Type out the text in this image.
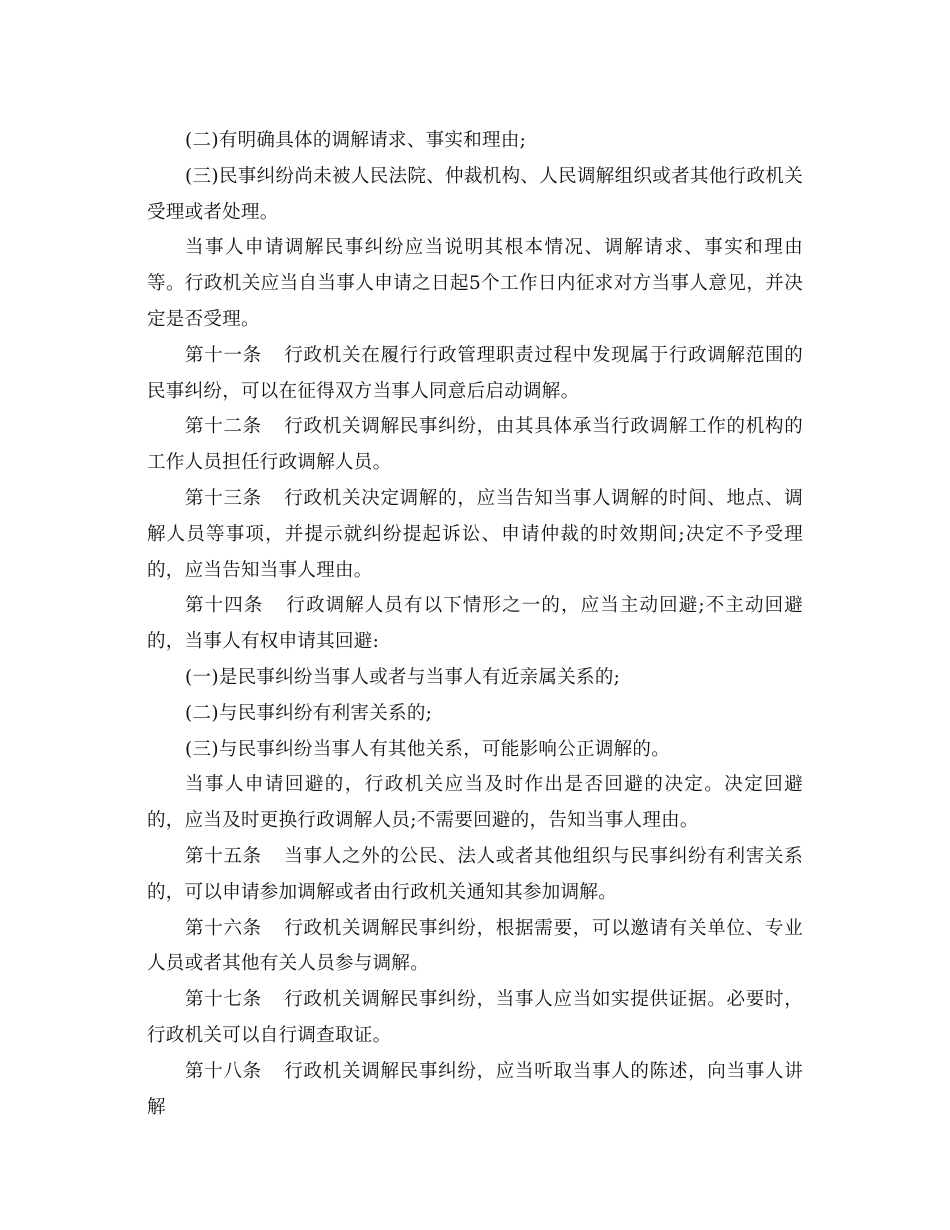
(二)有明确具体的调解请求、事实和理由;

(三)民事纠纷尚未被人民法院、仲裁机构、人民调解组织或者其他行政机关受理或者处理。

当事人申请调解民事纠纷应当说明其根本情况、调解请求、事实和理由等。行政机关应当自当事人申请之日起5个工作日内征求对方当事人意见，并决定是否受理。

第十一条 行政机关在履行行政管理职责过程中发现属于行政调解范围的民事纠纷，可以在征得双方当事人同意后启动调解。

第十二条 行政机关调解民事纠纷，由其具体承当行政调解工作的机构的工作人员担任行政调解人员。

第十三条 行政机关决定调解的，应当告知当事人调解的时间、地点、调解人员等事项，并提示就纠纷提起诉讼、申请仲裁的时效期间;决定不予受理的，应当告知当事人理由。

第十四条 行政调解人员有以下情形之一的，应当主动回避;不主动回避的，当事人有权申请其回避:

(一)是民事纠纷当事人或者与当事人有近亲属关系的;

(二)与民事纠纷有利害关系的;

(三)与民事纠纷当事人有其他关系，可能影响公正调解的。

当事人申请回避的，行政机关应当及时作出是否回避的决定。决定回避的，应当及时更换行政调解人员;不需要回避的，告知当事人理由。

第十五条 当事人之外的公民、法人或者其他组织与民事纠纷有利害关系的，可以申请参加调解或者由行政机关通知其参加调解。

第十六条 行政机关调解民事纠纷，根据需要，可以邀请有关单位、专业人员或者其他有关人员参与调解。

第十七条 行政机关调解民事纠纷，当事人应当如实提供证据。必要时，行政机关可以自行调查取证。

第十八条 行政机关调解民事纠纷，应当听取当事人的陈述，向当事人讲解
